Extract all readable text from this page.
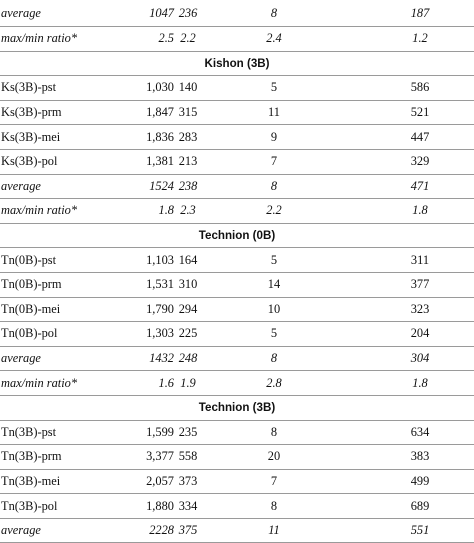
average	1047 236	8	187
max/min ratio*	2.5 2.2	2.4	1.2
Kishon (3B)
Ks(3B)-pst	1,030 140	5	586
Ks(3B)-prm	1,847 315	11	521
Ks(3B)-mei	1,836 283	9	447
Ks(3B)-pol	1,381 213	7	329
average	1524 238	8	471
max/min ratio*	1.8 2.3	2.2	1.8
Technion (0B)
Tn(0B)-pst	1,103 164	5	311
Tn(0B)-prm	1,531 310	14	377
Tn(0B)-mei	1,790 294	10	323
Tn(0B)-pol	1,303 225	5	204
average	1432 248	8	304
max/min ratio*	1.6 1.9	2.8	1.8
Technion (3B)
Tn(3B)-pst	1,599 235	8	634
Tn(3B)-prm	3,377 558	20	383
Tn(3B)-mei	2,057 373	7	499
Tn(3B)-pol	1,880 334	8	689
average	2228 375	11	551
